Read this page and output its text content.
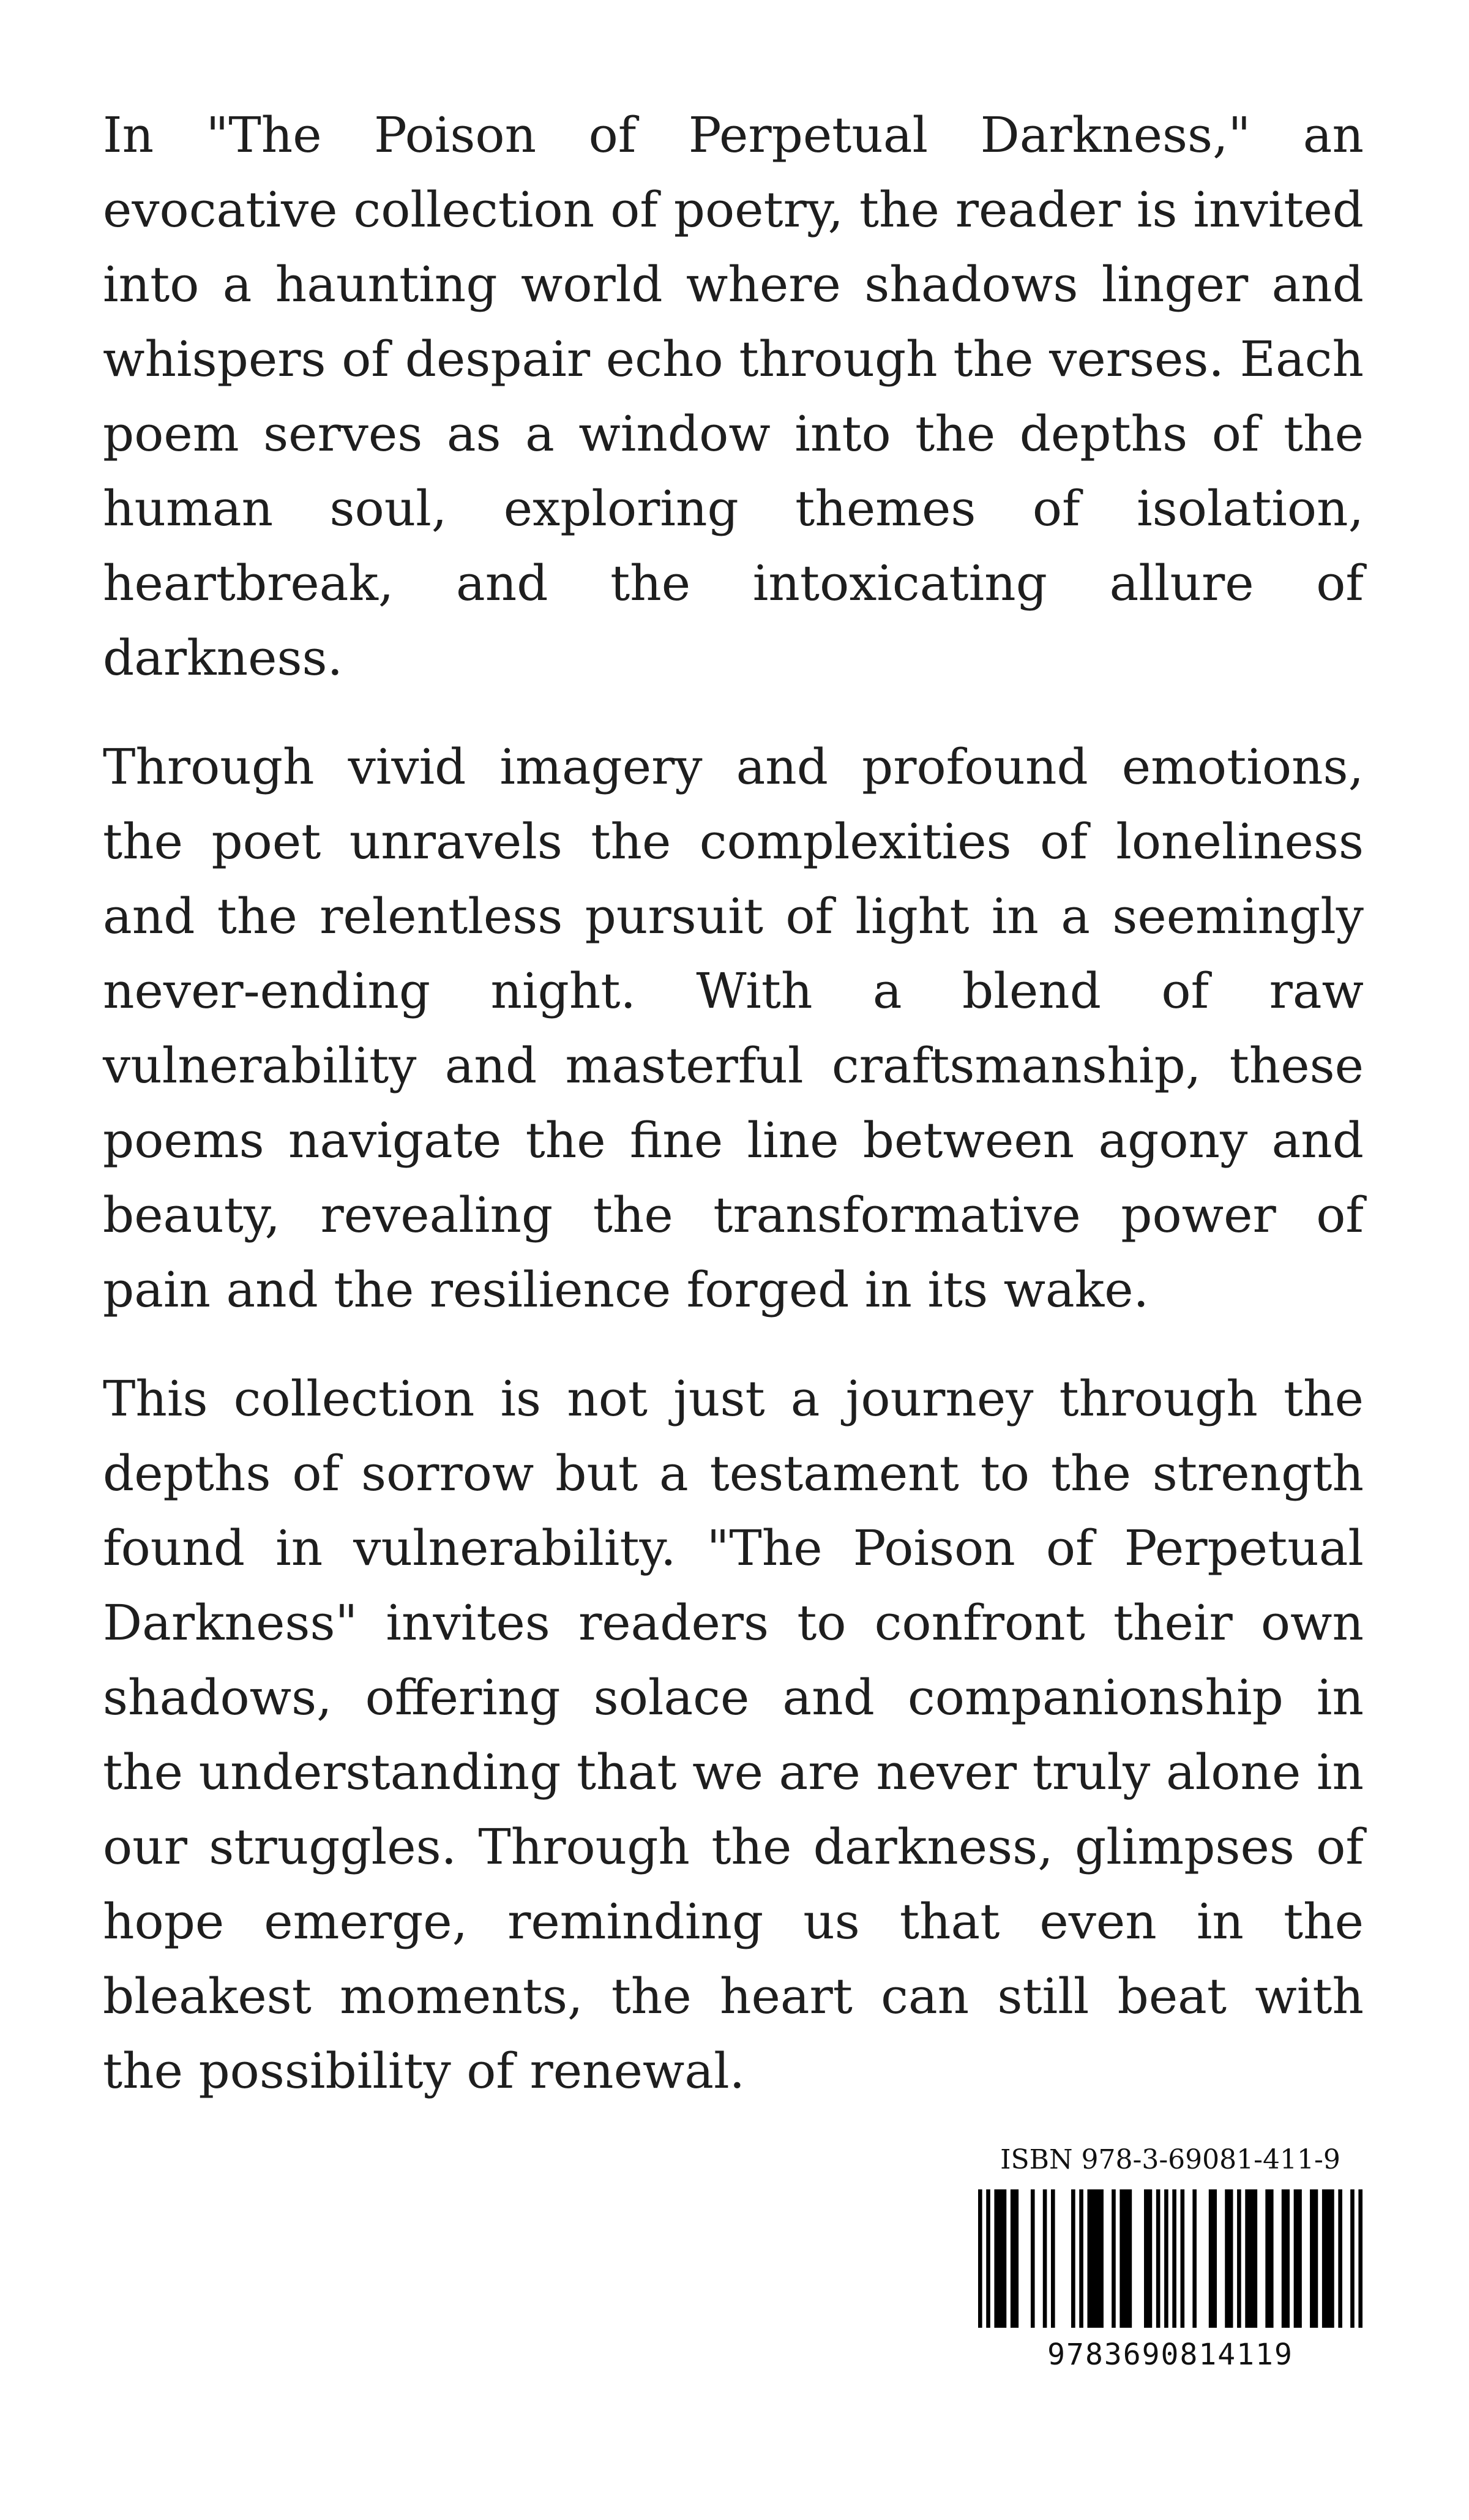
In "The Poison of Perpetual Darkness," an evocative collection of poetry, the reader is invited into a haunting world where shadows linger and whispers of despair echo through the verses. Each poem serves as a window into the depths of the human soul, exploring themes of isolation, heartbreak, and the intoxicating allure of darkness.

Through vivid imagery and profound emotions, the poet unravels the complexities of loneliness and the relentless pursuit of light in a seemingly never-ending night. With a blend of raw vulnerability and masterful craftsmanship, these poems navigate the fine line between agony and beauty, revealing the transformative power of pain and the resilience forged in its wake.

This collection is not just a journey through the depths of sorrow but a testament to the strength found in vulnerability. "The Poison of Perpetual Darkness" invites readers to confront their own shadows, offering solace and companionship in the understanding that we are never truly alone in our struggles. Through the darkness, glimpses of hope emerge, reminding us that even in the bleakest moments, the heart can still beat with the possibility of renewal.

ISBN 978-3-69081-411-9
9783690814119
